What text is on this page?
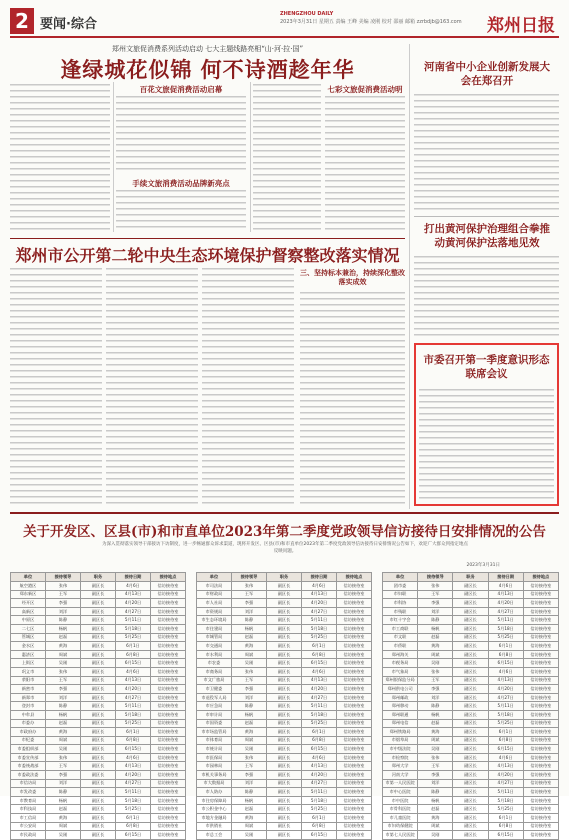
2 要闻·综合
ZHENGZHOU DAILY
2023年3月31日 星期五 责编 王峰 美编 凌刚 校对 邵丽 邮箱 zzrbdjb@163.com	郑州日报
郑州文旅促消费系列活动启动 七大主题线路亮相“山·河·拉·国”
逢绿城花似锦 何不诗酒趁年华
百花文旅促消费活动启幕
手续文旅消费活动品牌新亮点
七彩文旅促消费活动明
郑州市公开第二轮中央生态环境保护督察整改落实情况
三、坚持标本兼治，持续深化整改落实成效
河南省中小企业创新发展大会在郑召开
打出黄河保护治理组合拳推动黄河保护法落地见效
市委召开第一季度意识形态联席会议
关于开发区、区县(市)和市直单位2023年第二季度党政领导信访接待日安排情况的公告
为深入贯彻落实领导干部接访下访制度，进一步畅通群众诉求渠道，现将开发区、区县(市)和市直单位2023年第二季度党政领导信访接待日安排情况公告如下，欢迎广大群众到指定地点反映问题。
2023年3月31日
单位	接待领导	职务	接待日期	接待地点
航空港区	张伟	副区长	4月6日	信访接待室
郑东新区	王军	副区长	4月13日	信访接待室
经开区	李强	副区长	4月20日	信访接待室
高新区	刘洋	副区长	4月27日	信访接待室
中原区	陈静	副区长	5月11日	信访接待室
二七区	杨帆	副区长	5月18日	信访接待室
管城区	赵磊	副区长	5月25日	信访接待室
金水区	黄海	副区长	6月1日	信访接待室
惠济区	周斌	副区长	6月8日	信访接待室
上街区	吴刚	副区长	6月15日	信访接待室
巩义市	张伟	副区长	4月6日	信访接待室
荥阳市	王军	副区长	4月13日	信访接待室
新密市	李强	副区长	4月20日	信访接待室
新郑市	刘洋	副区长	4月27日	信访接待室
登封市	陈静	副区长	5月11日	信访接待室
中牟县	杨帆	副区长	5月18日	信访接待室
市委办	赵磊	副区长	5月25日	信访接待室
市政府办	黄海	副区长	6月1日	信访接待室
市纪委	周斌	副区长	6月8日	信访接待室
市委组织部	吴刚	副区长	6月15日	信访接待室
市委宣传部	张伟	副区长	4月6日	信访接待室
市委统战部	王军	副区长	4月13日	信访接待室
市委政法委	李强	副区长	4月20日	信访接待室
市信访局	刘洋	副区长	4月27日	信访接待室
市发改委	陈静	副区长	5月11日	信访接待室
市教育局	杨帆	副区长	5月18日	信访接待室
市科技局	赵磊	副区长	5月25日	信访接待室
市工信局	黄海	副区长	6月1日	信访接待室
市公安局	周斌	副区长	6月8日	信访接待室
市民政局	吴刚	副区长	6月15日	信访接待室
单位	接待领导	职务	接待日期	接待地点
市司法局	张伟	副区长	4月6日	信访接待室
市财政局	王军	副区长	4月13日	信访接待室
市人社局	李强	副区长	4月20日	信访接待室
市资规局	刘洋	副区长	4月27日	信访接待室
市生态环境局	陈静	副区长	5月11日	信访接待室
市住建局	杨帆	副区长	5月18日	信访接待室
市城管局	赵磊	副区长	5月25日	信访接待室
市交通局	黄海	副区长	6月1日	信访接待室
市水利局	周斌	副区长	6月8日	信访接待室
市农委	吴刚	副区长	6月15日	信访接待室
市商务局	张伟	副区长	4月6日	信访接待室
市文广旅局	王军	副区长	4月13日	信访接待室
市卫健委	李强	副区长	4月20日	信访接待室
市退役军人局	刘洋	副区长	4月27日	信访接待室
市应急局	陈静	副区长	5月11日	信访接待室
市审计局	杨帆	副区长	5月18日	信访接待室
市国资委	赵磊	副区长	5月25日	信访接待室
市市场监管局	黄海	副区长	6月1日	信访接待室
市体育局	周斌	副区长	6月8日	信访接待室
市统计局	吴刚	副区长	6月15日	信访接待室
市医保局	张伟	副区长	4月6日	信访接待室
市园林局	王军	副区长	4月13日	信访接待室
市机关事务局	李强	副区长	4月20日	信访接待室
市大数据局	刘洋	副区长	4月27日	信访接待室
市人防办	陈静	副区长	5月11日	信访接待室
市住房保障局	杨帆	副区长	5月18日	信访接待室
市公积金中心	赵磊	副区长	5月25日	信访接待室
市地方金融局	黄海	副区长	6月1日	信访接待室
市供销社	周斌	副区长	6月8日	信访接待室
市总工会	吴刚	副区长	6月15日	信访接待室
单位	接待领导	职务	接待日期	接待地点
团市委	张伟	副区长	4月6日	信访接待室
市妇联	王军	副区长	4月13日	信访接待室
市科协	李强	副区长	4月20日	信访接待室
市残联	刘洋	副区长	4月27日	信访接待室
市红十字会	陈静	副区长	5月11日	信访接待室
市工商联	杨帆	副区长	5月18日	信访接待室
市文联	赵磊	副区长	5月25日	信访接待室
市侨联	黄海	副区长	6月1日	信访接待室
郑州海关	周斌	副区长	6月8日	信访接待室
市税务局	吴刚	副区长	6月15日	信访接待室
市气象局	张伟	副区长	4月6日	信访接待室
郑州银保监分局	王军	副区长	4月13日	信访接待室
郑州供电公司	李强	副区长	4月20日	信访接待室
郑州邮政	刘洋	副区长	4月27日	信访接待室
郑州移动	陈静	副区长	5月11日	信访接待室
郑州联通	杨帆	副区长	5月18日	信访接待室
郑州电信	赵磊	副区长	5月25日	信访接待室
郑州铁路局	黄海	副区长	6月1日	信访接待室
市烟草局	周斌	副区长	6月8日	信访接待室
市中级法院	吴刚	副区长	6月15日	信访接待室
市检察院	张伟	副区长	4月6日	信访接待室
郑州大学	王军	副区长	4月13日	信访接待室
河南大学	李强	副区长	4月20日	信访接待室
市第一人民医院	刘洋	副区长	4月27日	信访接待室
市中心医院	陈静	副区长	5月11日	信访接待室
市中医院	杨帆	副区长	5月18日	信访接待室
市骨科医院	赵磊	副区长	5月25日	信访接待室
市儿童医院	黄海	副区长	6月1日	信访接待室
市妇幼保健院	周斌	副区长	6月8日	信访接待室
市第七人民医院	吴刚	副区长	6月15日	信访接待室
